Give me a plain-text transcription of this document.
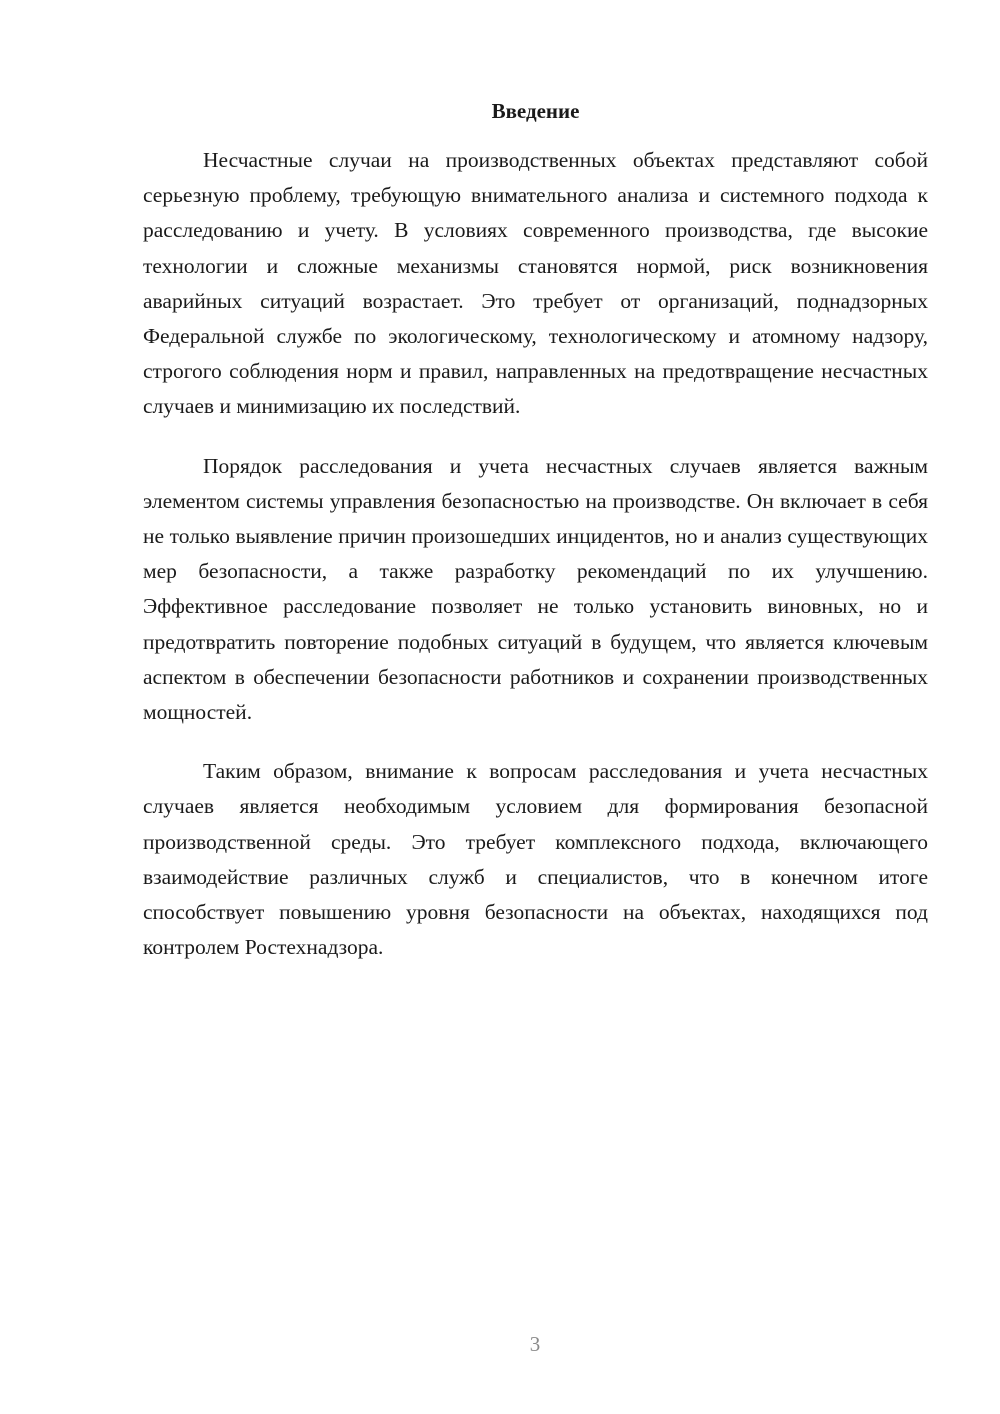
Введение

Несчастные случаи на производственных объектах представляют собой серьезную проблему, требующую внимательного анализа и системного подхода к расследованию и учету. В условиях современного производства, где высокие технологии и сложные механизмы становятся нормой, риск возникновения аварийных ситуаций возрастает. Это требует от организаций, поднадзорных Федеральной службе по экологическому, технологическому и атомному надзору, строгого соблюдения норм и правил, направленных на предотвращение несчастных случаев и минимизацию их последствий.

Порядок расследования и учета несчастных случаев является важным элементом системы управления безопасностью на производстве. Он включает в себя не только выявление причин произошедших инцидентов, но и анализ существующих мер безопасности, а также разработку рекомендаций по их улучшению. Эффективное расследование позволяет не только установить виновных, но и предотвратить повторение подобных ситуаций в будущем, что является ключевым аспектом в обеспечении безопасности работников и сохранении производственных мощностей.

Таким образом, внимание к вопросам расследования и учета несчастных случаев является необходимым условием для формирования безопасной производственной среды. Это требует комплексного подхода, включающего взаимодействие различных служб и специалистов, что в конечном итоге способствует повышению уровня безопасности на объектах, находящихся под контролем Ростехнадзора.

3
